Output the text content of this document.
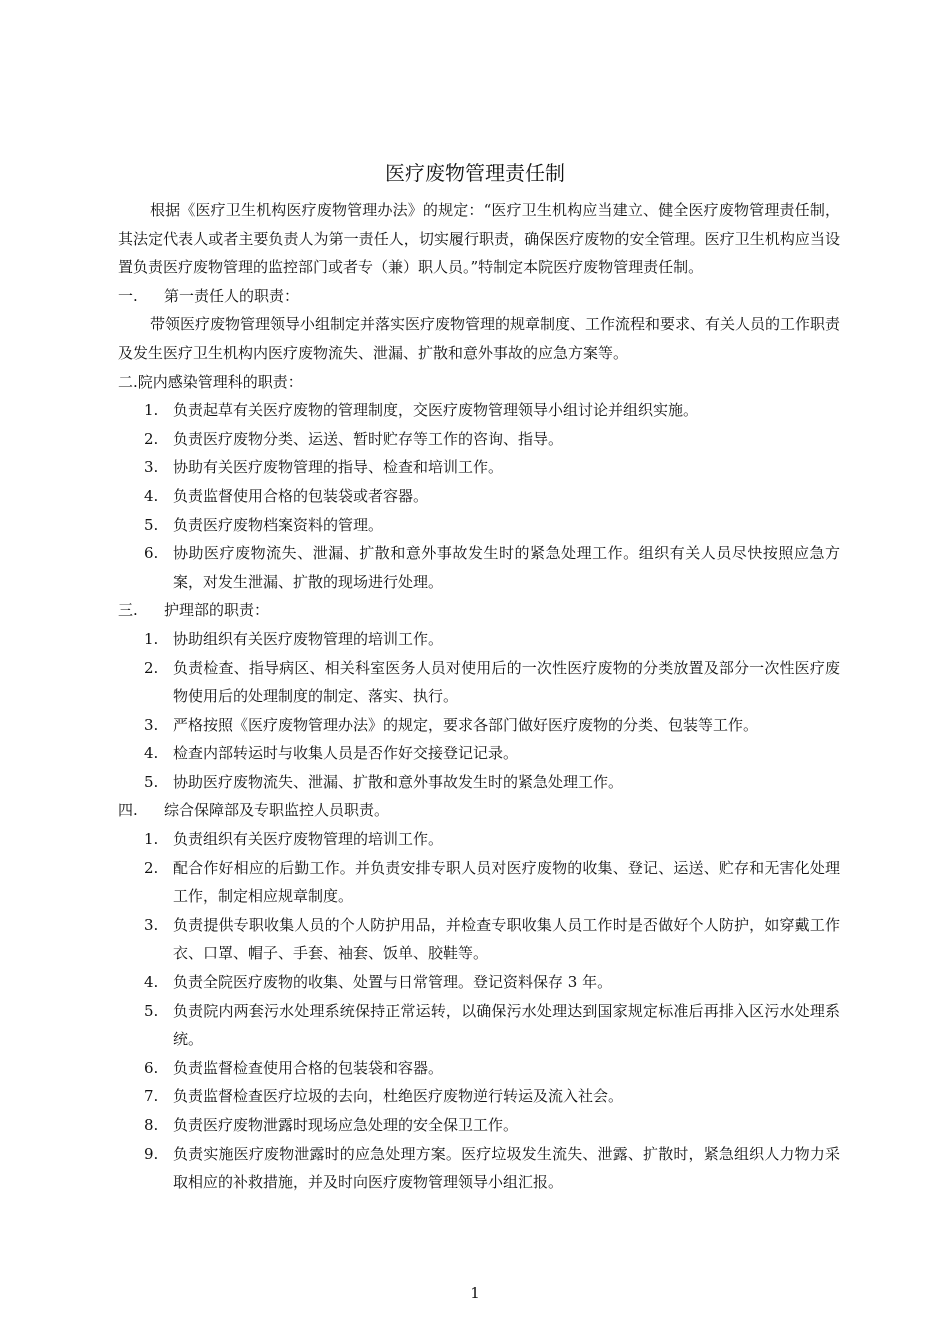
医疗废物管理责任制

根据《医疗卫生机构医疗废物管理办法》的规定：“医疗卫生机构应当建立、健全医疗废物管理责任制，其法定代表人或者主要负责人为第一责任人，切实履行职责，确保医疗废物的安全管理。医疗卫生机构应当设置负责医疗废物管理的监控部门或者专（兼）职人员。”特制定本院医疗废物管理责任制。

一. 第一责任人的职责：

带领医疗废物管理领导小组制定并落实医疗废物管理的规章制度、工作流程和要求、有关人员的工作职责及发生医疗卫生机构内医疗废物流失、泄漏、扩散和意外事故的应急方案等。

二.院内感染管理科的职责：

1. 负责起草有关医疗废物的管理制度，交医疗废物管理领导小组讨论并组织实施。

2. 负责医疗废物分类、运送、暂时贮存等工作的咨询、指导。

3. 协助有关医疗废物管理的指导、检查和培训工作。

4. 负责监督使用合格的包装袋或者容器。

5. 负责医疗废物档案资料的管理。

6. 协助医疗废物流失、泄漏、扩散和意外事故发生时的紧急处理工作。组织有关人员尽快按照应急方案，对发生泄漏、扩散的现场进行处理。

三. 护理部的职责：

1. 协助组织有关医疗废物管理的培训工作。

2. 负责检查、指导病区、相关科室医务人员对使用后的一次性医疗废物的分类放置及部分一次性医疗废物使用后的处理制度的制定、落实、执行。

3. 严格按照《医疗废物管理办法》的规定，要求各部门做好医疗废物的分类、包装等工作。

4. 检查内部转运时与收集人员是否作好交接登记记录。

5. 协助医疗废物流失、泄漏、扩散和意外事故发生时的紧急处理工作。

四. 综合保障部及专职监控人员职责。

1. 负责组织有关医疗废物管理的培训工作。

2. 配合作好相应的后勤工作。并负责安排专职人员对医疗废物的收集、登记、运送、贮存和无害化处理工作，制定相应规章制度。

3. 负责提供专职收集人员的个人防护用品，并检查专职收集人员工作时是否做好个人防护，如穿戴工作衣、口罩、帽子、手套、袖套、饭单、胶鞋等。

4. 负责全院医疗废物的收集、处置与日常管理。登记资料保存 3 年。

5. 负责院内两套污水处理系统保持正常运转，以确保污水处理达到国家规定标准后再排入区污水处理系统。

6. 负责监督检查使用合格的包装袋和容器。

7. 负责监督检查医疗垃圾的去向，杜绝医疗废物逆行转运及流入社会。

8. 负责医疗废物泄露时现场应急处理的安全保卫工作。

9. 负责实施医疗废物泄露时的应急处理方案。医疗垃圾发生流失、泄露、扩散时，紧急组织人力物力采取相应的补救措施，并及时向医疗废物管理领导小组汇报。

1
